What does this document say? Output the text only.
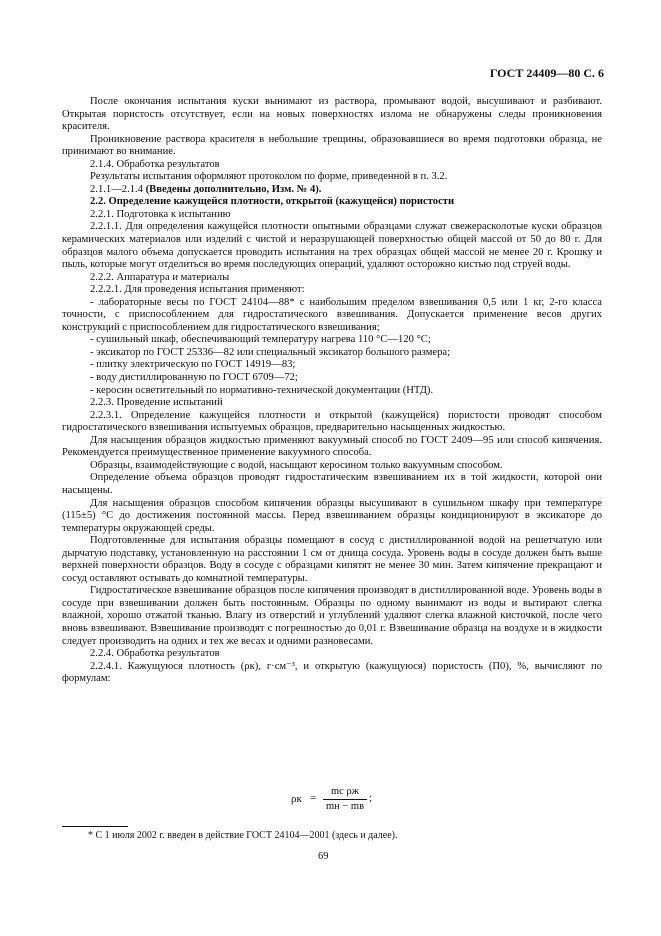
ГОСТ 24409—80 С. 6

После окончания испытания куски вынимают из раствора, промывают водой, высушивают и разбивают. Открытая пористость отсутствует, если на новых поверхностях излома не обнаружены следы проникновения красителя.

Проникновение раствора красителя в небольшие трещины, образовавшиеся во время подготовки образца, не принимают во внимание.

2.1.4. Обработка результатов

Результаты испытания оформляют протоколом по форме, приведенной в п. 3.2.

2.1.1—2.1.4 (Введены дополнительно, Изм. № 4).

2.2. Определение кажущейся плотности, открытой (кажущейся) пористости

2.2.1. Подготовка к испытанию

2.2.1.1. Для определения кажущейся плотности опытными образцами служат свежерасколотые куски образцов керамических материалов или изделий с чистой и неразрушающей поверхностью общей массой от 50 до 80 г. Для образцов малого объема допускается проводить испытания на трех образцах общей массой не менее 20 г. Крошку и пыль, которые могут отделиться во время последующих операций, удаляют осторожно кистью под струей воды.

2.2.2. Аппаратура и материалы

2.2.2.1. Для проведения испытания применяют:

- лабораторные весы по ГОСТ 24104—88* с наибольшим пределом взвешивания 0,5 или 1 кг, 2-го класса точности, с приспособлением для гидростатического взвешивания. Допускается применение весов других конструкций с приспособлением для гидростатического взвешивания;
- сушильный шкаф, обеспечивающий температуру нагрева 110 °С—120 °С;
- эксикатор по ГОСТ 25336—82 или специальный эксикатор большого размера;
- плитку электрическую по ГОСТ 14919—83;
- воду дистиллированную по ГОСТ 6709—72;
- керосин осветительный по нормативно-технической документации (НТД).

2.2.3. Проведение испытаний

2.2.3.1. Определение кажущейся плотности и открытой (кажущейся) пористости проводят способом гидростатического взвешивания испытуемых образцов, предварительно насыщенных жидкостью.

Для насыщения образцов жидкостью применяют вакуумный способ по ГОСТ 2409—95 или способ кипячения. Рекомендуется преимущественное применение вакуумного способа.

Образцы, взаимодействующие с водой, насыщают керосином только вакуумным способом.

Определение объема образцов проводят гидростатическим взвешиванием их в той жидкости, которой они насыщены.

Для насыщения образцов способом кипячения образцы высушивают в сушильном шкафу при температуре (115±5) °С до достижения постоянной массы. Перед взвешиванием образцы кондиционируют в эксикаторе до температуры окружающей среды.

Подготовленные для испытания образцы помещают в сосуд с дистиллированной водой на решетчатую или дырчатую подставку, установленную на расстоянии 1 см от днища сосуда. Уровень воды в сосуде должен быть выше верхней поверхности образцов. Воду в сосуде с образцами кипятят не менее 30 мин. Затем кипячение прекращают и сосуд оставляют остывать до комнатной температуры.

Гидростатическое взвешивание образцов после кипячения производят в дистиллированной воде. Уровень воды в сосуде при взвешивании должен быть постоянным. Образцы по одному вынимают из воды и вытирают слегка влажной, хорошо отжатой тканью. Влагу из отверстий и углублений удаляют слегка влажной кисточкой, после чего вновь взвешивают. Взвешивание производят с погрешностью до 0,01 г. Взвешивание образца на воздухе и в жидкости следует производить на одних и тех же весах и одними разновесами.

2.2.4. Обработка результатов

2.2.4.1. Кажущуюся плотность (ρк), г·см⁻³, и открытую (кажущуюся) пористость (П0), %, вычисляют по формулам:

ρк =
mс ρж
mн − mв
;
* С 1 июля 2002 г. введен в действие ГОСТ 24104—2001 (здесь и далее).
69
